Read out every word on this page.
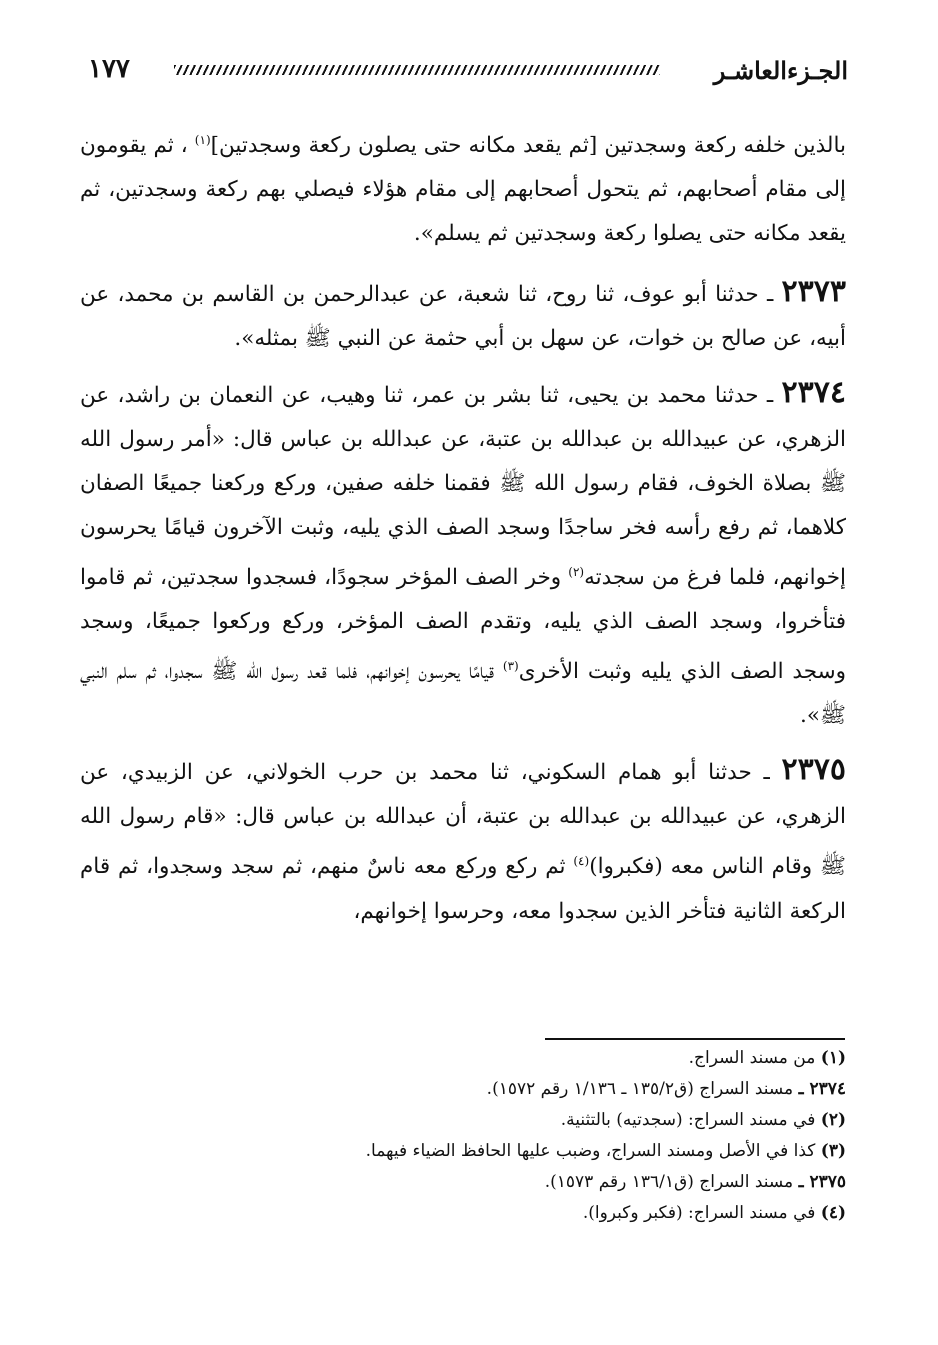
الجـزءالعاشـر
١٧٧

بالذين خلفه ركعة وسجدتين [ثم يقعد مكانه حتى يصلون ركعة وسجدتين]$^{(١)}$ ، ثم يقومون إلى مقام أصحابهم، ثم يتحول أصحابهم إلى مقام هؤلاء فيصلي بهم ركعة وسجدتين، ثم يقعد مكانه حتى يصلوا ركعة وسجدتين ثم يسلم».

٢٣٧٣ ـ حدثنا أبو عوف، ثنا روح، ثنا شعبة، عن عبدالرحمن بن القاسم بن محمد، عن أبيه، عن صالح بن خوات، عن سهل بن أبي حثمة عن النبي ﷺ بمثله».

٢٣٧٤ ـ حدثنا محمد بن يحيى، ثنا بشر بن عمر، ثنا وهيب، عن النعمان بن راشد، عن الزهري، عن عبيدالله بن عبدالله بن عتبة، عن عبدالله بن عباس قال: «أمر رسول الله ﷺ بصلاة الخوف، فقام رسول الله ﷺ فقمنا خلفه صفين، وركع وركعنا جميعًا الصفان كلاهما، ثم رفع رأسه فخر ساجدًا وسجد الصف الذي يليه، وثبت الآخرون قيامًا يحرسون إخوانهم، فلما فرغ من سجدته$^{(٢)}$ وخر الصف المؤخر سجودًا، فسجدوا سجدتين، ثم قاموا فتأخروا، وسجد الصف الذي يليه، وتقدم الصف المؤخر، وركع وركعوا جميعًا، وسجد وسجد الصف الذي يليه وثبت الأخرى$^{(٣)}$ قيامًا يحرسون إخوانهم، فلما قعد رسول الله ﷺ سجدوا، ثم سلم النبي ﷺ».

٢٣٧٥ ـ حدثنا أبو همام السكوني، ثنا محمد بن حرب الخولاني، عن الزبيدي، عن الزهري، عن عبيدالله بن عبدالله بن عتبة، أن عبدالله بن عباس قال: «قام رسول الله ﷺ وقام الناس معه (فكبروا)$^{(٤)}$ ثم ركع وركع معه ناسٌ منهم، ثم سجد وسجدوا، ثم قام الركعة الثانية فتأخر الذين سجدوا معه، وحرسوا إخوانهم،

(١) من مسند السراج.

٢٣٧٤ ـ مسند السراج (ق١٣٥/٢ ـ ١/١٣٦ رقم ١٥٧٢).

(٢) في مسند السراج: (سجدتيه) بالتثنية.

(٣) كذا في الأصل ومسند السراج، وضبب عليها الحافظ الضياء فيهما.

٢٣٧٥ ـ مسند السراج (ق١٣٦/١ رقم ١٥٧٣).

(٤) في مسند السراج: (فكبر وكبروا).
